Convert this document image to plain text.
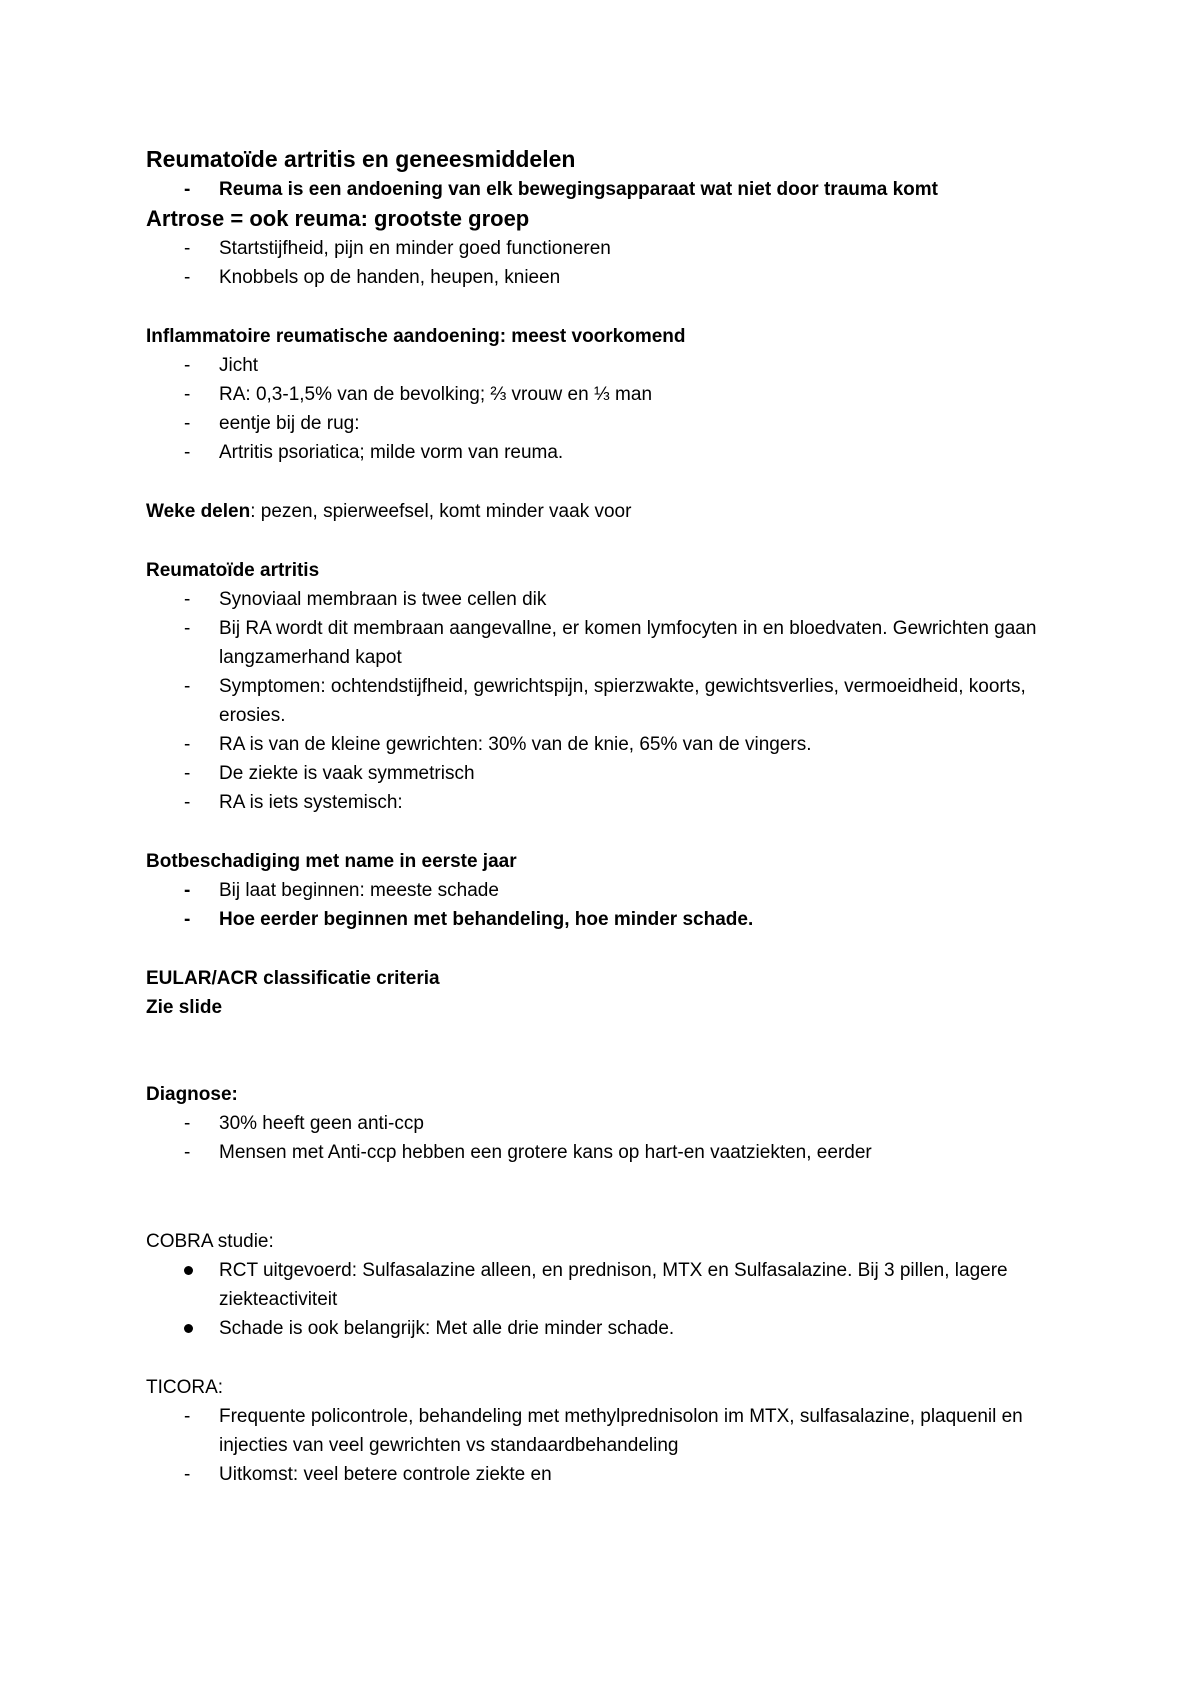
Reumatoïde artritis en geneesmiddelen
-	Reuma is een andoening van elk bewegingsapparaat wat niet door trauma komt
Artrose = ook reuma: grootste groep
-	Startstijfheid, pijn en minder goed functioneren
-	Knobbels op de handen, heupen, knieen
Inflammatoire reumatische aandoening: meest voorkomend
-	Jicht
-	RA: 0,3-1,5% van de bevolking; ⅔ vrouw en ⅓ man
-	eentje bij de rug:
-	Artritis psoriatica; milde vorm van reuma.

Weke delen: pezen, spierweefsel, komt minder vaak voor

Reumatoïde artritis
-	Synoviaal membraan is twee cellen dik
-	Bij RA wordt dit membraan aangevallne, er komen lymfocyten in en bloedvaten. Gewrichten gaan langzamerhand kapot
-	Symptomen: ochtendstijfheid, gewrichtspijn, spierzwakte, gewichtsverlies, vermoeidheid, koorts, erosies.
-	RA is van de kleine gewrichten: 30% van de knie, 65% van de vingers.
-	De ziekte is vaak symmetrisch
-	RA is iets systemisch:
Botbeschadiging met name in eerste jaar
-	Bij laat beginnen: meeste schade
-	Hoe eerder beginnen met behandeling, hoe minder schade.
EULAR/ACR classificatie criteria

Zie slide

Diagnose:
-	30% heeft geen anti-ccp
-	Mensen met Anti-ccp hebben een grotere kans op hart-en vaatziekten, eerder

COBRA studie:

RCT uitgevoerd: Sulfasalazine alleen, en prednison, MTX en Sulfasalazine. Bij 3 pillen, lagere ziekteactiviteit
Schade is ook belangrijk: Met alle drie minder schade.

TICORA:

-	Frequente policontrole, behandeling met methylprednisolon im MTX, sulfasalazine, plaquenil en injecties van veel gewrichten vs standaardbehandeling
-	Uitkomst: veel betere controle ziekte en
